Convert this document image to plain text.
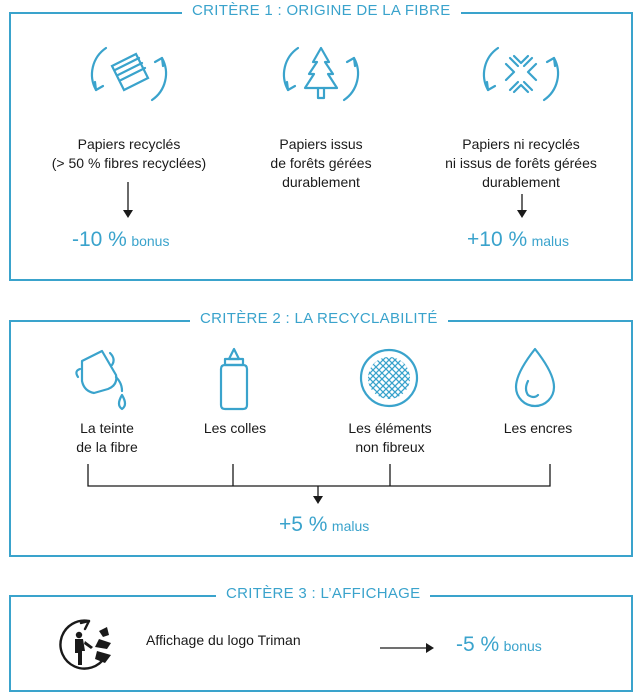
CRITÈRE 1 : ORIGINE DE LA FIBRE
Papiers recyclés
(> 50 % fibres recyclées)
Papiers issus
de forêts gérées
durablement
Papiers ni recyclés
ni issus de forêts gérées
durablement
-10 % bonus	+10 % malus
CRITÈRE 2 : LA RECYCLABILITÉ
La teinte
de la fibre
Les colles	Les éléments
non fibreux
Les encres
+5 % malus
CRITÈRE 3 : L’AFFICHAGE
Affichage du logo Triman	-5 % bonus
